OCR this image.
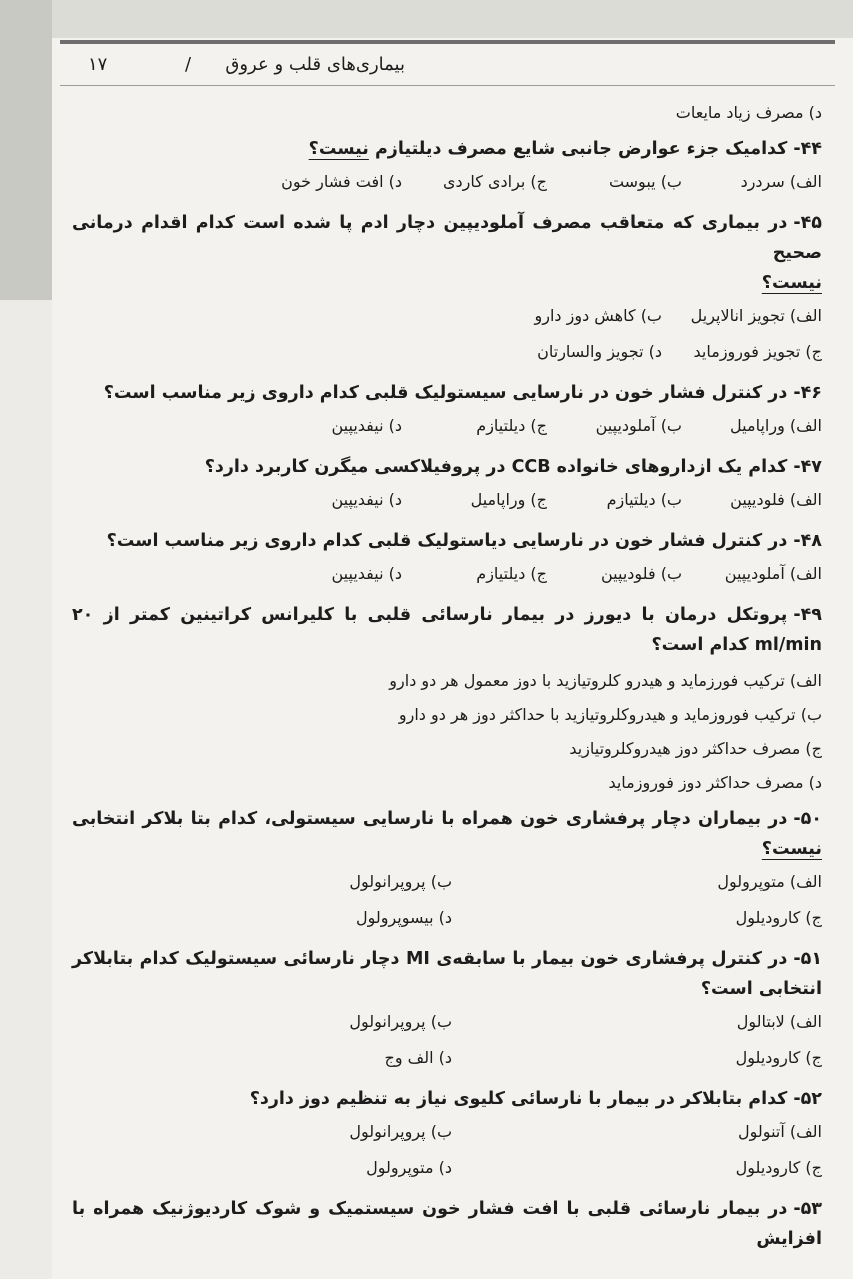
بیماری‌های قلب و عروق
/
۱۷
د) مصرف زیاد مایعات
۴۴-کدامیک جزء عوارض جانبی شایع مصرف دیلتیازم نیست؟
الف) سردرد
ب) یبوست
ج) برادی کاردی
د) افت فشار خون
۴۵-در بیماری که متعاقب مصرف آملودیپین دچار ادم پا شده است کدام اقدام درمانی صحیح
نیست؟
الف) تجویز انالاپریل
ب) کاهش دوز دارو
ج) تجویز فوروزماید
د) تجویز والسارتان
۴۶-در کنترل فشار خون در نارسایی سیستولیک قلبی کدام داروی زیر مناسب است؟
الف) وراپامیل
ب) آملودیپین
ج) دیلتیازم
د) نیفدیپین
۴۷-کدام یک ازداروهای خانواده CCB در پروفیلاکسی میگرن کاربرد دارد؟
الف) فلودیپین
ب) دیلتیازم
ج) وراپامیل
د) نیفدیپین
۴۸-در کنترل فشار خون در نارسایی دیاستولیک قلبی کدام داروی زیر مناسب است؟
الف) آملودیپین
ب) فلودیپین
ج) دیلتیازم
د) نیفدیپین
۴۹-پروتکل درمان با دیورز در بیمار نارسائی قلبی با کلیرانس کراتینین کمتر از ۲۰ ml/min کدام است؟
الف) ترکیب فورزماید و هیدرو کلروتیازید با دوز معمول هر دو دارو
ب) ترکیب فوروزماید و هیدروکلروتیازید با حداکثر دوز هر دو دارو
ج) مصرف حداکثر دوز هیدروکلروتیازید
د) مصرف حداکثر دوز فوروزماید
۵۰-در بیماران دچار پرفشاری خون همراه با نارسایی سیستولی، کدام بتا بلاکر انتخابی نیست؟
الف) متوپرولول
ب) پروپرانولول
ج) کارودیلول
د) بیسوپرولول
۵۱-در کنترل پرفشاری خون بیمار با سابقه‌ی MI دچار نارسائی سیستولیک کدام بتابلاکر انتخابی است؟
الف) لابتالول
ب) پروپرانولول
ج) کارودیلول
د) الف وج
۵۲-کدام بتابلاکر در بیمار با نارسائی کلیوی نیاز به تنظیم دوز دارد؟
الف) آتنولول
ب) پروپرانولول
ج) کارودیلول
د) متوپرولول
۵۳-در بیمار نارسائی قلبی با افت فشار خون سیستمیک و شوک کاردیوژنیک همراه با افزایش
